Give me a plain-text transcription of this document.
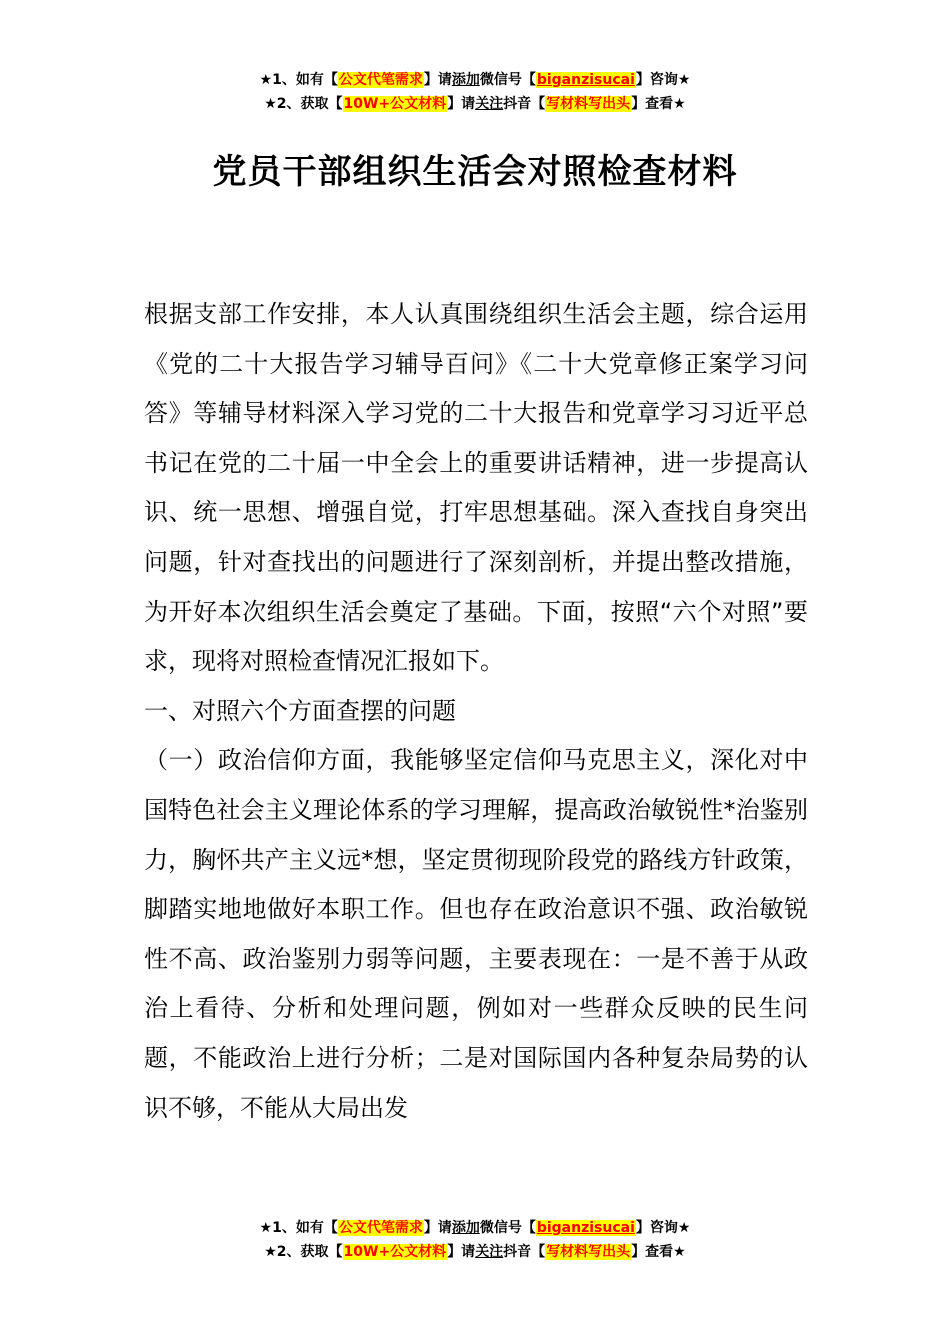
★1、如有【公文代笔需求】请添加微信号【biganzisucai】咨询★
★2、获取【10W+公文材料】请关注抖音【写材料写出头】查看★
党员干部组织生活会对照检查材料

根据支部工作安排，本人认真围绕组织生活会主题，综合运用《党的二十大报告学习辅导百问》《二十大党章修正案学习问答》等辅导材料深入学习党的二十大报告和党章学习习近平总书记在党的二十届一中全会上的重要讲话精神，进一步提高认识、统一思想、增强自觉，打牢思想基础。深入查找自身突出问题，针对查找出的问题进行了深刻剖析，并提出整改措施，为开好本次组织生活会奠定了基础。下面，按照“六个对照”要求，现将对照检查情况汇报如下。

一、对照六个方面查摆的问题

（一）政治信仰方面，我能够坚定信仰马克思主义，深化对中国特色社会主义理论体系的学习理解，提高政治敏锐性*治鉴别力，胸怀共产主义远*想，坚定贯彻现阶段党的路线方针政策，脚踏实地地做好本职工作。但也存在政治意识不强、政治敏锐性不高、政治鉴别力弱等问题，主要表现在：一是不善于从政治上看待、分析和处理问题，例如对一些群众反映的民生问题，不能政治上进行分析；二是对国际国内各种复杂局势的认识不够，不能从大局出发

★1、如有【公文代笔需求】请添加微信号【biganzisucai】咨询★
★2、获取【10W+公文材料】请关注抖音【写材料写出头】查看★
